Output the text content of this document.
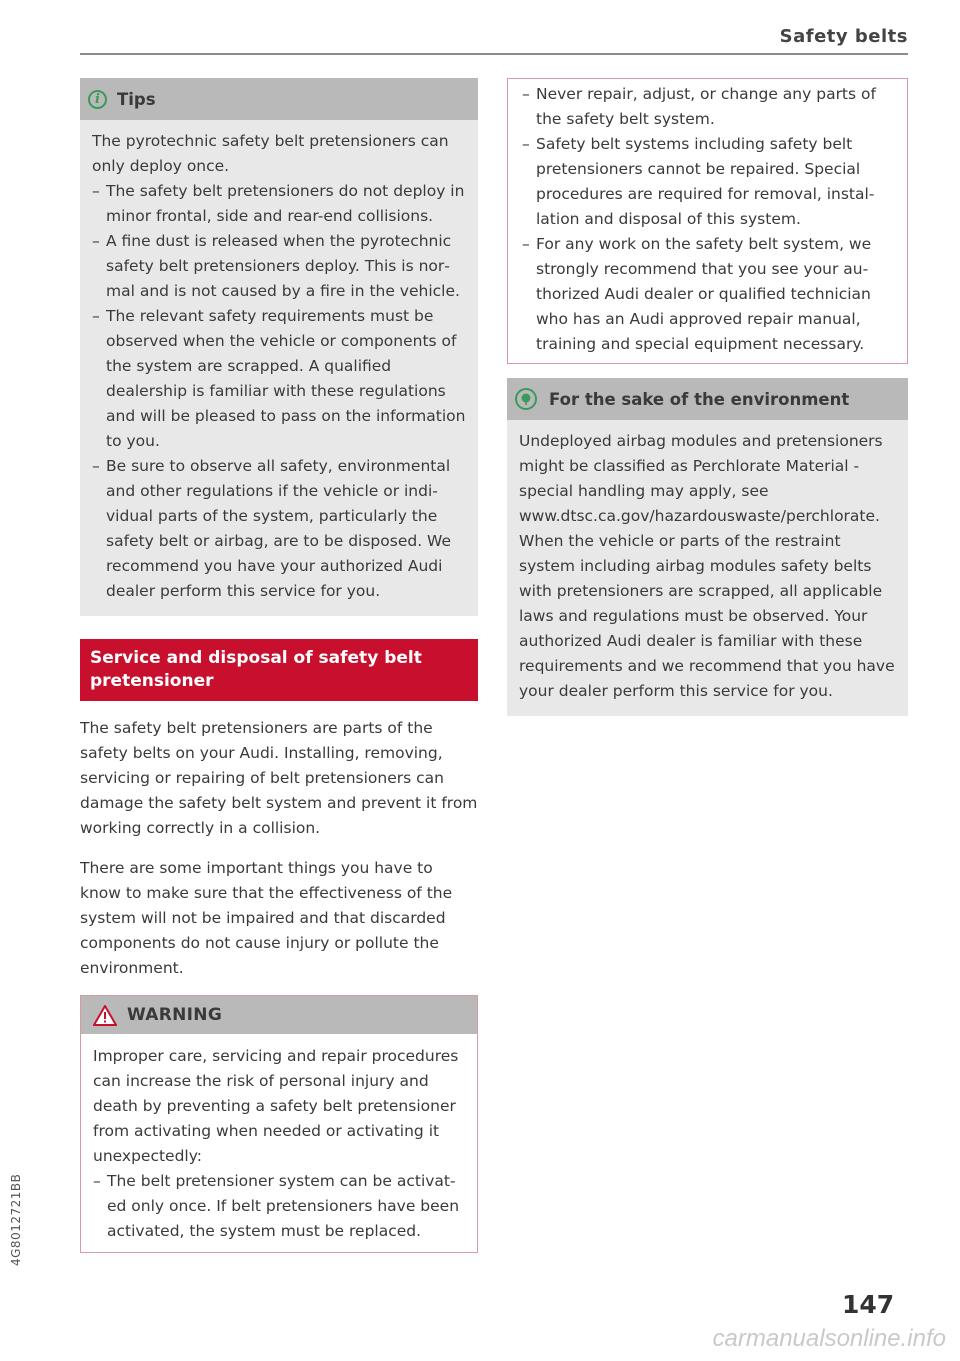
Safety belts
i	Tips

The pyrotechnic safety belt pretensioners can only deploy once.

– The safety belt pretensioners do not deploy in minor frontal, side and rear-end collisions.

– A fine dust is released when the pyrotechnic safety belt pretensioners deploy. This is normal and is not caused by a fire in the vehicle.

– The relevant safety requirements must be observed when the vehicle or components of the system are scrapped. A qualified dealership is familiar with these regulations and will be pleased to pass on the information to you.

– Be sure to observe all safety, environmental and other regulations if the vehicle or individual parts of the system, particularly the safety belt or airbag, are to be disposed. We recommend you have your authorized Audi dealer perform this service for you.

Service and disposal of safety belt pretensioner

The safety belt pretensioners are parts of the safety belts on your Audi. Installing, removing, servicing or repairing of belt pretensioners can damage the safety belt system and prevent it from working correctly in a collision.

There are some important things you have to know to make sure that the effectiveness of the system will not be impaired and that discarded components do not cause injury or pollute the environment.

WARNING

Improper care, servicing and repair procedures can increase the risk of personal injury and death by preventing a safety belt pretensioner from activating when needed or activating it unexpectedly:

– The belt pretensioner system can be activated only once. If belt pretensioners have been activated, the system must be replaced.

– Never repair, adjust, or change any parts of the safety belt system.

– Safety belt systems including safety belt pretensioners cannot be repaired. Special procedures are required for removal, installation and disposal of this system.

– For any work on the safety belt system, we strongly recommend that you see your authorized Audi dealer or qualified technician who has an Audi approved repair manual, training and special equipment necessary.

For the sake of the environment

Undeployed airbag modules and pretensioners might be classified as Perchlorate Material -special handling may apply, see www.dtsc.ca.gov/hazardouswaste/perchlorate. When the vehicle or parts of the restraint system including airbag modules safety belts with pretensioners are scrapped, all applicable laws and regulations must be observed. Your authorized Audi dealer is familiar with these requirements and we recommend that you have your dealer perform this service for you.

4G8012721BB
147
carmanualsonline.info
